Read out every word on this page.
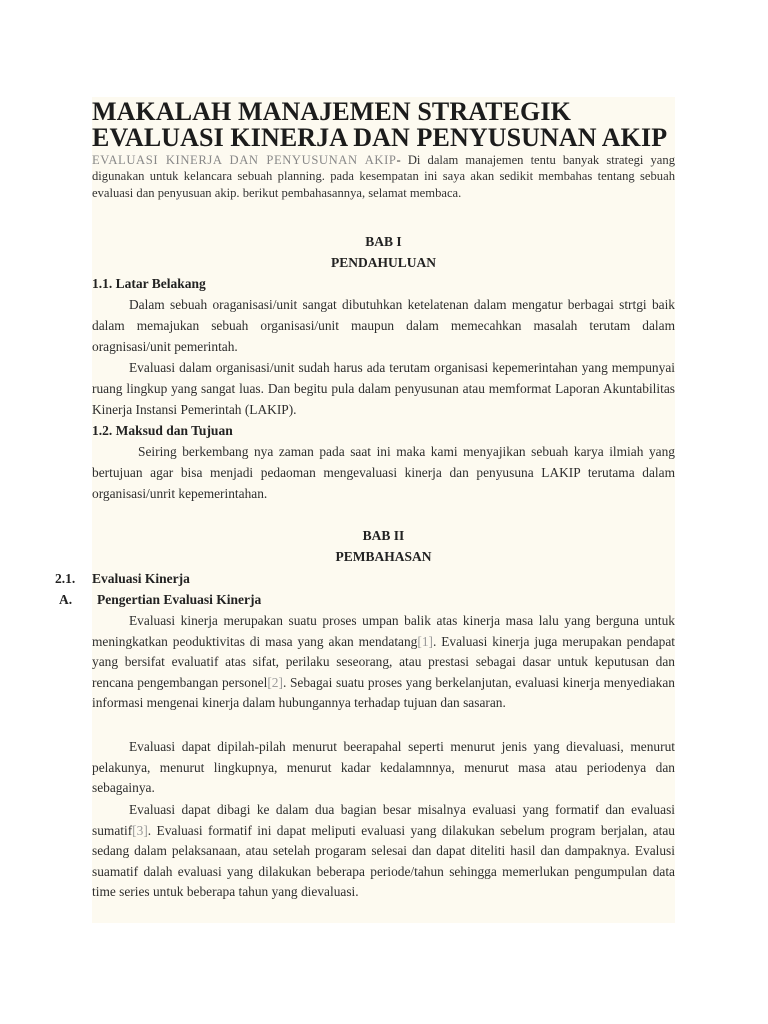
MAKALAH MANAJEMEN STRATEGIK
EVALUASI KINERJA DAN PENYUSUNAN AKIP
EVALUASI KINERJA DAN PENYUSUNAN AKIP- Di dalam manajemen tentu banyak strategi yang digunakan untuk kelancara sebuah planning. pada kesempatan ini saya akan sedikit membahas tentang sebuah evaluasi dan penyusuan akip. berikut pembahasannya, selamat membaca.
BAB I
PENDAHULUAN
1.1. Latar Belakang
Dalam sebuah oraganisasi/unit sangat dibutuhkan ketelatenan dalam mengatur berbagai strtgi baik dalam memajukan sebuah organisasi/unit maupun dalam memecahkan masalah terutam dalam oragnisasi/unit pemerintah.
Evaluasi dalam organisasi/unit sudah harus ada terutam organisasi kepemerintahan yang mempunyai ruang lingkup yang sangat luas. Dan begitu pula dalam penyusunan atau memformat Laporan Akuntabilitas Kinerja Instansi Pemerintah (LAKIP).
1.2. Maksud dan Tujuan
Seiring berkembang nya zaman pada saat ini maka kami menyajikan sebuah karya ilmiah yang bertujuan agar bisa menjadi pedaoman mengevaluasi kinerja dan penyusuna LAKIP terutama dalam organisasi/unrit kepemerintahan.
BAB II
PEMBAHASAN
2.1. Evaluasi Kinerja
A. Pengertian Evaluasi Kinerja
Evaluasi kinerja merupakan suatu proses umpan balik atas kinerja masa lalu yang berguna untuk meningkatkan peoduktivitas di masa yang akan mendatang[1]. Evaluasi kinerja juga merupakan pendapat yang bersifat evaluatif atas sifat, perilaku seseorang, atau prestasi sebagai dasar untuk keputusan dan rencana pengembangan personel[2]. Sebagai suatu proses yang berkelanjutan, evaluasi kinerja menyediakan informasi mengenai kinerja dalam hubungannya terhadap tujuan dan sasaran.
Evaluasi dapat dipilah-pilah menurut beerapahal seperti menurut jenis yang dievaluasi, menurut pelakunya, menurut lingkupnya, menurut kadar kedalamnnya, menurut masa atau periodenya dan sebagainya.
Evaluasi dapat dibagi ke dalam dua bagian besar misalnya evaluasi yang formatif dan evaluasi sumatif[3]. Evaluasi formatif ini dapat meliputi evaluasi yang dilakukan sebelum program berjalan, atau sedang dalam pelaksanaan, atau setelah progaram selesai dan dapat diteliti hasil dan dampaknya. Evalusi suamatif dalah evaluasi yang dilakukan beberapa periode/tahun sehingga memerlukan pengumpulan data time series untuk beberapa tahun yang dievaluasi.
